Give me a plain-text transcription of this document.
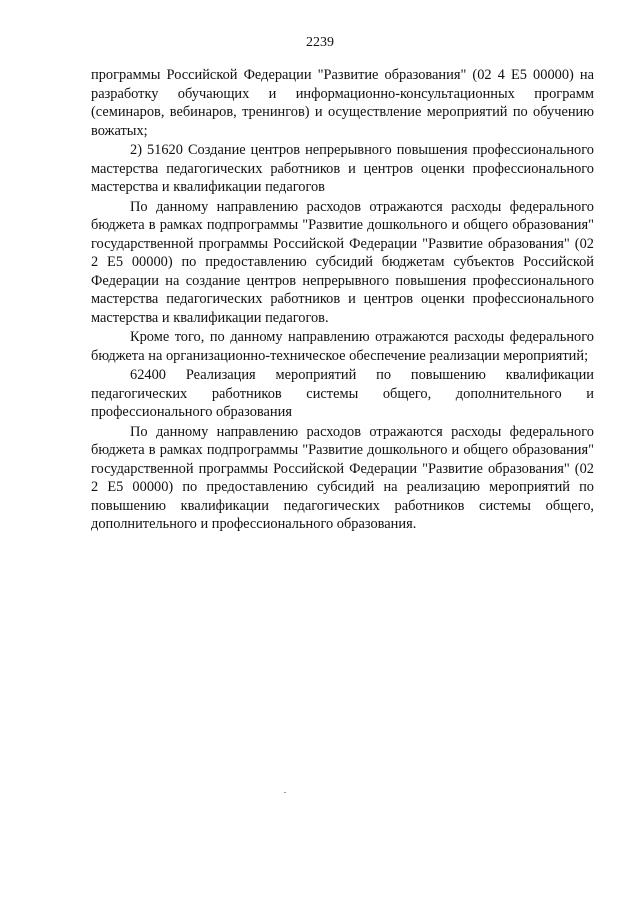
2239

программы Российской Федерации "Развитие образования" (02 4 Е5 00000) на разработку обучающих и информационно-консультационных программ (семинаров, вебинаров, тренингов) и осуществление мероприятий по обучению вожатых;

2) 51620 Создание центров непрерывного повышения профессионального мастерства педагогических работников и центров оценки профессионального мастерства и квалификации педагогов

По данному направлению расходов отражаются расходы федерального бюджета в рамках подпрограммы "Развитие дошкольного и общего образования" государственной программы Российской Федерации "Развитие образования" (02 2 Е5 00000) по предоставлению субсидий бюджетам субъектов Российской Федерации на создание центров непрерывного повышения профессионального мастерства педагогических работников и центров оценки профессионального мастерства и квалификации педагогов.

Кроме того, по данному направлению отражаются расходы федерального бюджета на организационно-техническое обеспечение реализации мероприятий;

62400 Реализация мероприятий по повышению квалификации педагогических работников системы общего, дополнительного и профессионального образования

По данному направлению расходов отражаются расходы федерального бюджета в рамках подпрограммы "Развитие дошкольного и общего образования" государственной программы Российской Федерации "Развитие образования" (02 2 Е5 00000) по предоставлению субсидий на реализацию мероприятий по повышению квалификации педагогических работников системы общего, дополнительного и профессионального образования.
